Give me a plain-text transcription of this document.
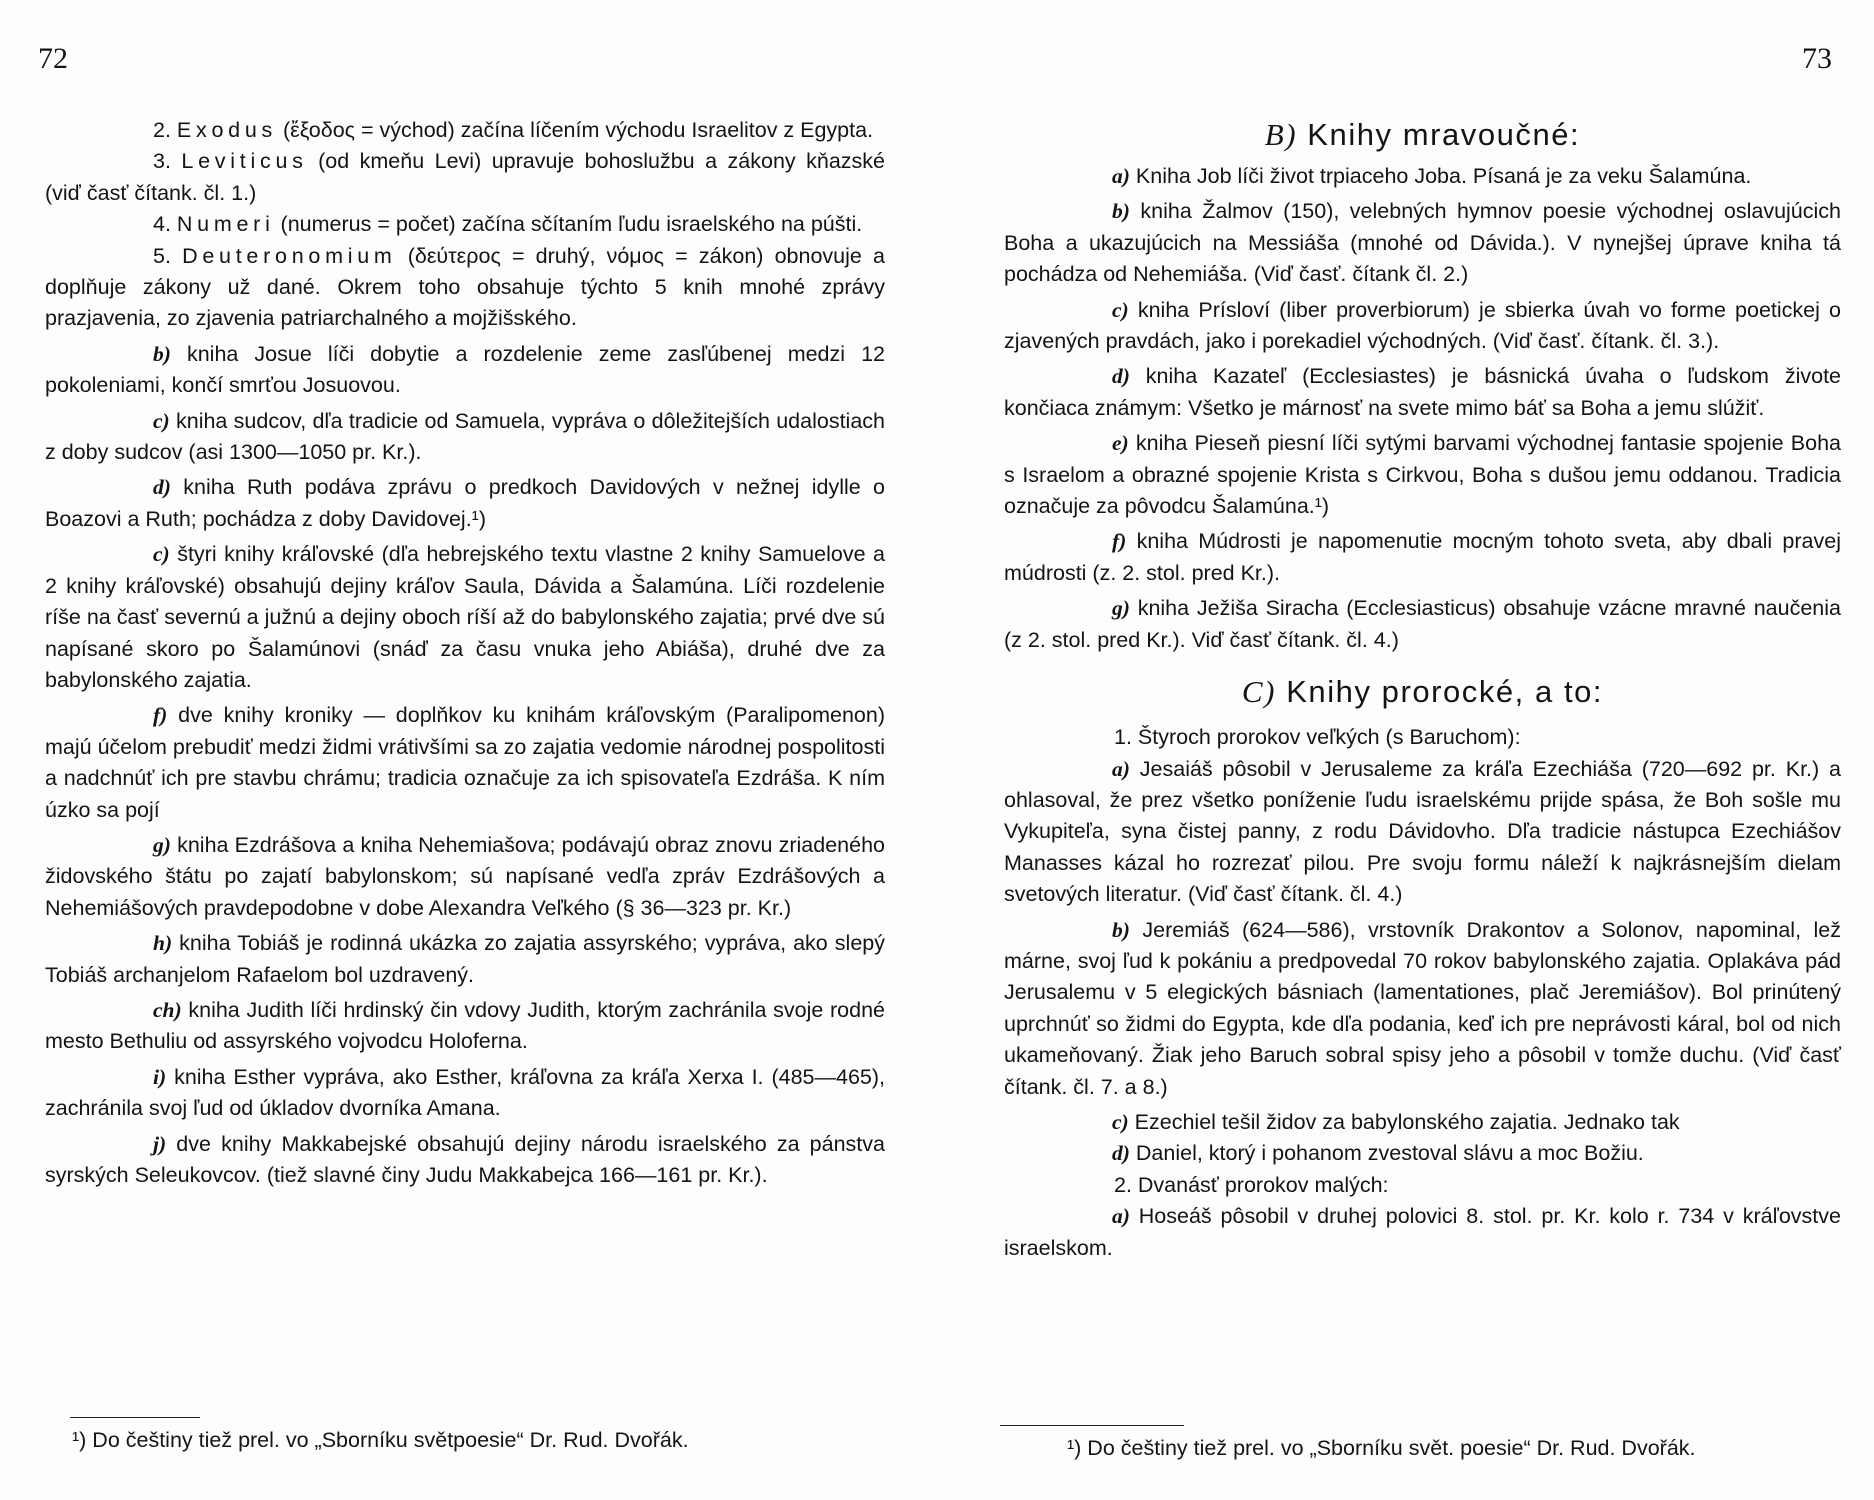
72

2. Exodus (ἔξοδος = východ) začína líčením východu Israelitov z Egypta.

3. Leviticus (od kmeňu Levi) upravuje bohoslužbu a zákony kňazské (viď časť čítank. čl. 1.)

4. Numeri (numerus = počet) začína sčítaním ľudu israelského na púšti.

5. Deuteronomium (δεύτερος = druhý, νόμος = zákon) obnovuje a doplňuje zákony už dané. Okrem toho obsahuje týchto 5 knih mnohé zprávy prazjavenia, zo zjavenia patriarchalného a mojžišského.

b) kniha Josue líči dobytie a rozdelenie zeme zasľúbenej medzi 12 pokoleniami, končí smrťou Josuovou.

c) kniha sudcov, dľa tradicie od Samuela, vypráva o dôležitejších udalostiach z doby sudcov (asi 1300—1050 pr. Kr.).

d) kniha Ruth podáva zprávu o predkoch Davidových v nežnej idylle o Boazovi a Ruth; pochádza z doby Davidovej.¹)

c) štyri knihy kráľovské (dľa hebrejského textu vlastne 2 knihy Samuelove a 2 knihy kráľovské) obsahujú dejiny kráľov Saula, Dávida a Šalamúna. Líči rozdelenie ríše na časť severnú a južnú a dejiny oboch ríší až do babylonského zajatia; prvé dve sú napísané skoro po Šalamúnovi (snáď za času vnuka jeho Abiáša), druhé dve za babylonského zajatia.

f) dve knihy kroniky — doplňkov ku knihám kráľovským (Paralipomenon) majú účelom prebudiť medzi židmi vrátivšími sa zo zajatia vedomie národnej pospolitosti a nadchnúť ich pre stavbu chrámu; tradicia označuje za ich spisovateľa Ezdráša. K ním úzko sa pojí

g) kniha Ezdrášova a kniha Nehemiašova; podávajú obraz znovu zriadeného židovského štátu po zajatí babylonskom; sú napísané vedľa zpráv Ezdrášových a Nehemiášových pravdepodobne v dobe Alexandra Veľkého (§ 36—323 pr. Kr.)

h) kniha Tobiáš je rodinná ukázka zo zajatia assyrského; vypráva, ako slepý Tobiáš archanjelom Rafaelom bol uzdravený.

ch) kniha Judith líči hrdinský čin vdovy Judith, ktorým zachránila svoje rodné mesto Bethuliu od assyrského vojvodcu Holoferna.

i) kniha Esther vypráva, ako Esther, kráľovna za kráľa Xerxa I. (485—465), zachránila svoj ľud od úkladov dvorníka Amana.

j) dve knihy Makkabejské obsahujú dejiny národu israelského za pánstva syrských Seleukovcov. (tiež slavné činy Judu Makkabejca 166—161 pr. Kr.).

¹) Do češtiny tiež prel. vo „Sborníku světpoesie“ Dr. Rud. Dvořák.
73

B) Knihy mravoučné:

a) Kniha Job líči život trpiaceho Joba. Písaná je za veku Šalamúna.

b) kniha Žalmov (150), velebných hymnov poesie východnej oslavujúcich Boha a ukazujúcich na Messiáša (mnohé od Dávida.). V nynejšej úprave kniha tá pochádza od Nehemiáša. (Viď časť. čítank čl. 2.)

c) kniha Prísloví (liber proverbiorum) je sbierka úvah vo forme poetickej o zjavených pravdách, jako i porekadiel východných. (Viď časť. čítank. čl. 3.).

d) kniha Kazateľ (Ecclesiastes) je básnická úvaha o ľudskom živote končiaca známym: Všetko je márnosť na svete mimo báť sa Boha a jemu slúžiť.

e) kniha Pieseň piesní líči sytými barvami východnej fantasie spojenie Boha s Israelom a obrazné spojenie Krista s Cirkvou, Boha s dušou jemu oddanou. Tradicia označuje za pôvodcu Šalamúna.¹)

f) kniha Múdrosti je napomenutie mocným tohoto sveta, aby dbali pravej múdrosti (z. 2. stol. pred Kr.).

g) kniha Ježiša Siracha (Ecclesiasticus) obsahuje vzácne mravné naučenia (z 2. stol. pred Kr.). Viď časť čítank. čl. 4.)

C) Knihy prorocké, a to:

1. Štyroch prorokov veľkých (s Baruchom):

a) Jesaiáš pôsobil v Jerusaleme za kráľa Ezechiáša (720—692 pr. Kr.) a ohlasoval, že prez všetko poníženie ľudu israelskému prijde spása, že Boh sošle mu Vykupiteľa, syna čistej panny, z rodu Dávidovho. Dľa tradicie nástupca Ezechiášov Manasses kázal ho rozrezať pilou. Pre svoju formu náleží k najkrásnejším dielam svetových literatur. (Viď časť čítank. čl. 4.)

b) Jeremiáš (624—586), vrstovník Drakontov a Solonov, napominal, lež márne, svoj ľud k pokániu a predpovedal 70 rokov babylonského zajatia. Oplakáva pád Jerusalemu v 5 elegických básniach (lamentationes, plač Jeremiášov). Bol prinútený uprchnúť so židmi do Egypta, kde dľa podania, keď ich pre neprávosti káral, bol od nich ukameňovaný. Žiak jeho Baruch sobral spisy jeho a pôsobil v tomže duchu. (Viď časť čítank. čl. 7. a 8.)

c) Ezechiel tešil židov za babylonského zajatia. Jednako tak

d) Daniel, ktorý i pohanom zvestoval slávu a moc Božiu.

2. Dvanásť prorokov malých:

a) Hoseáš pôsobil v druhej polovici 8. stol. pr. Kr. kolo r. 734 v kráľovstve israelskom.

¹) Do češtiny tiež prel. vo „Sborníku svět. poesie“ Dr. Rud. Dvořák.
